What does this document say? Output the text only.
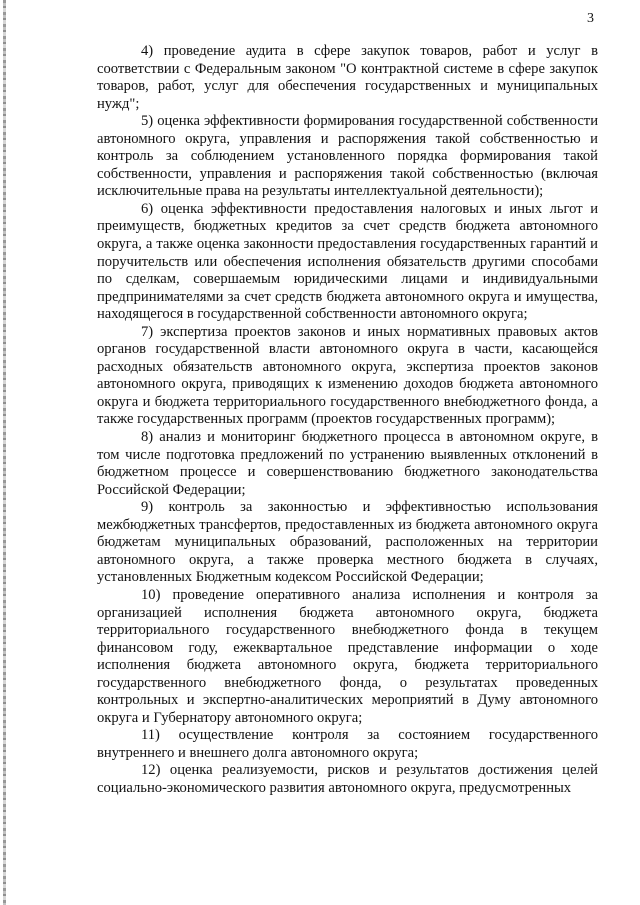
3

4) проведение аудита в сфере закупок товаров, работ и услуг в соответствии с Федеральным законом "О контрактной системе в сфере закупок товаров, работ, услуг для обеспечения государственных и муниципальных нужд";

5) оценка эффективности формирования государственной собственности автономного округа, управления и распоряжения такой собственностью и контроль за соблюдением установленного порядка формирования такой собственности, управления и распоряжения такой собственностью (включая исключительные права на результаты интеллектуальной деятельности);

6) оценка эффективности предоставления налоговых и иных льгот и преимуществ, бюджетных кредитов за счет средств бюджета автономного округа, а также оценка законности предоставления государственных гарантий и поручительств или обеспечения исполнения обязательств другими способами по сделкам, совершаемым юридическими лицами и индивидуальными предпринимателями за счет средств бюджета автономного округа и имущества, находящегося в государственной собственности автономного округа;

7) экспертиза проектов законов и иных нормативных правовых актов органов государственной власти автономного округа в части, касающейся расходных обязательств автономного округа, экспертиза проектов законов автономного округа, приводящих к изменению доходов бюджета автономного округа и бюджета территориального государственного внебюджетного фонда, а также государственных программ (проектов государственных программ);

8) анализ и мониторинг бюджетного процесса в автономном округе, в том числе подготовка предложений по устранению выявленных отклонений в бюджетном процессе и совершенствованию бюджетного законодательства Российской Федерации;

9) контроль за законностью и эффективностью использования межбюджетных трансфертов, предоставленных из бюджета автономного округа бюджетам муниципальных образований, расположенных на территории автономного округа, а также проверка местного бюджета в случаях, установленных Бюджетным кодексом Российской Федерации;

10) проведение оперативного анализа исполнения и контроля за организацией исполнения бюджета автономного округа, бюджета территориального государственного внебюджетного фонда в текущем финансовом году, ежеквартальное представление информации о ходе исполнения бюджета автономного округа, бюджета территориального государственного внебюджетного фонда, о результатах проведенных контрольных и экспертно-аналитических мероприятий в Думу автономного округа и Губернатору автономного округа;

11) осуществление контроля за состоянием государственного внутреннего и внешнего долга автономного округа;

12) оценка реализуемости, рисков и результатов достижения целей социально-экономического развития автономного округа, предусмотренных
